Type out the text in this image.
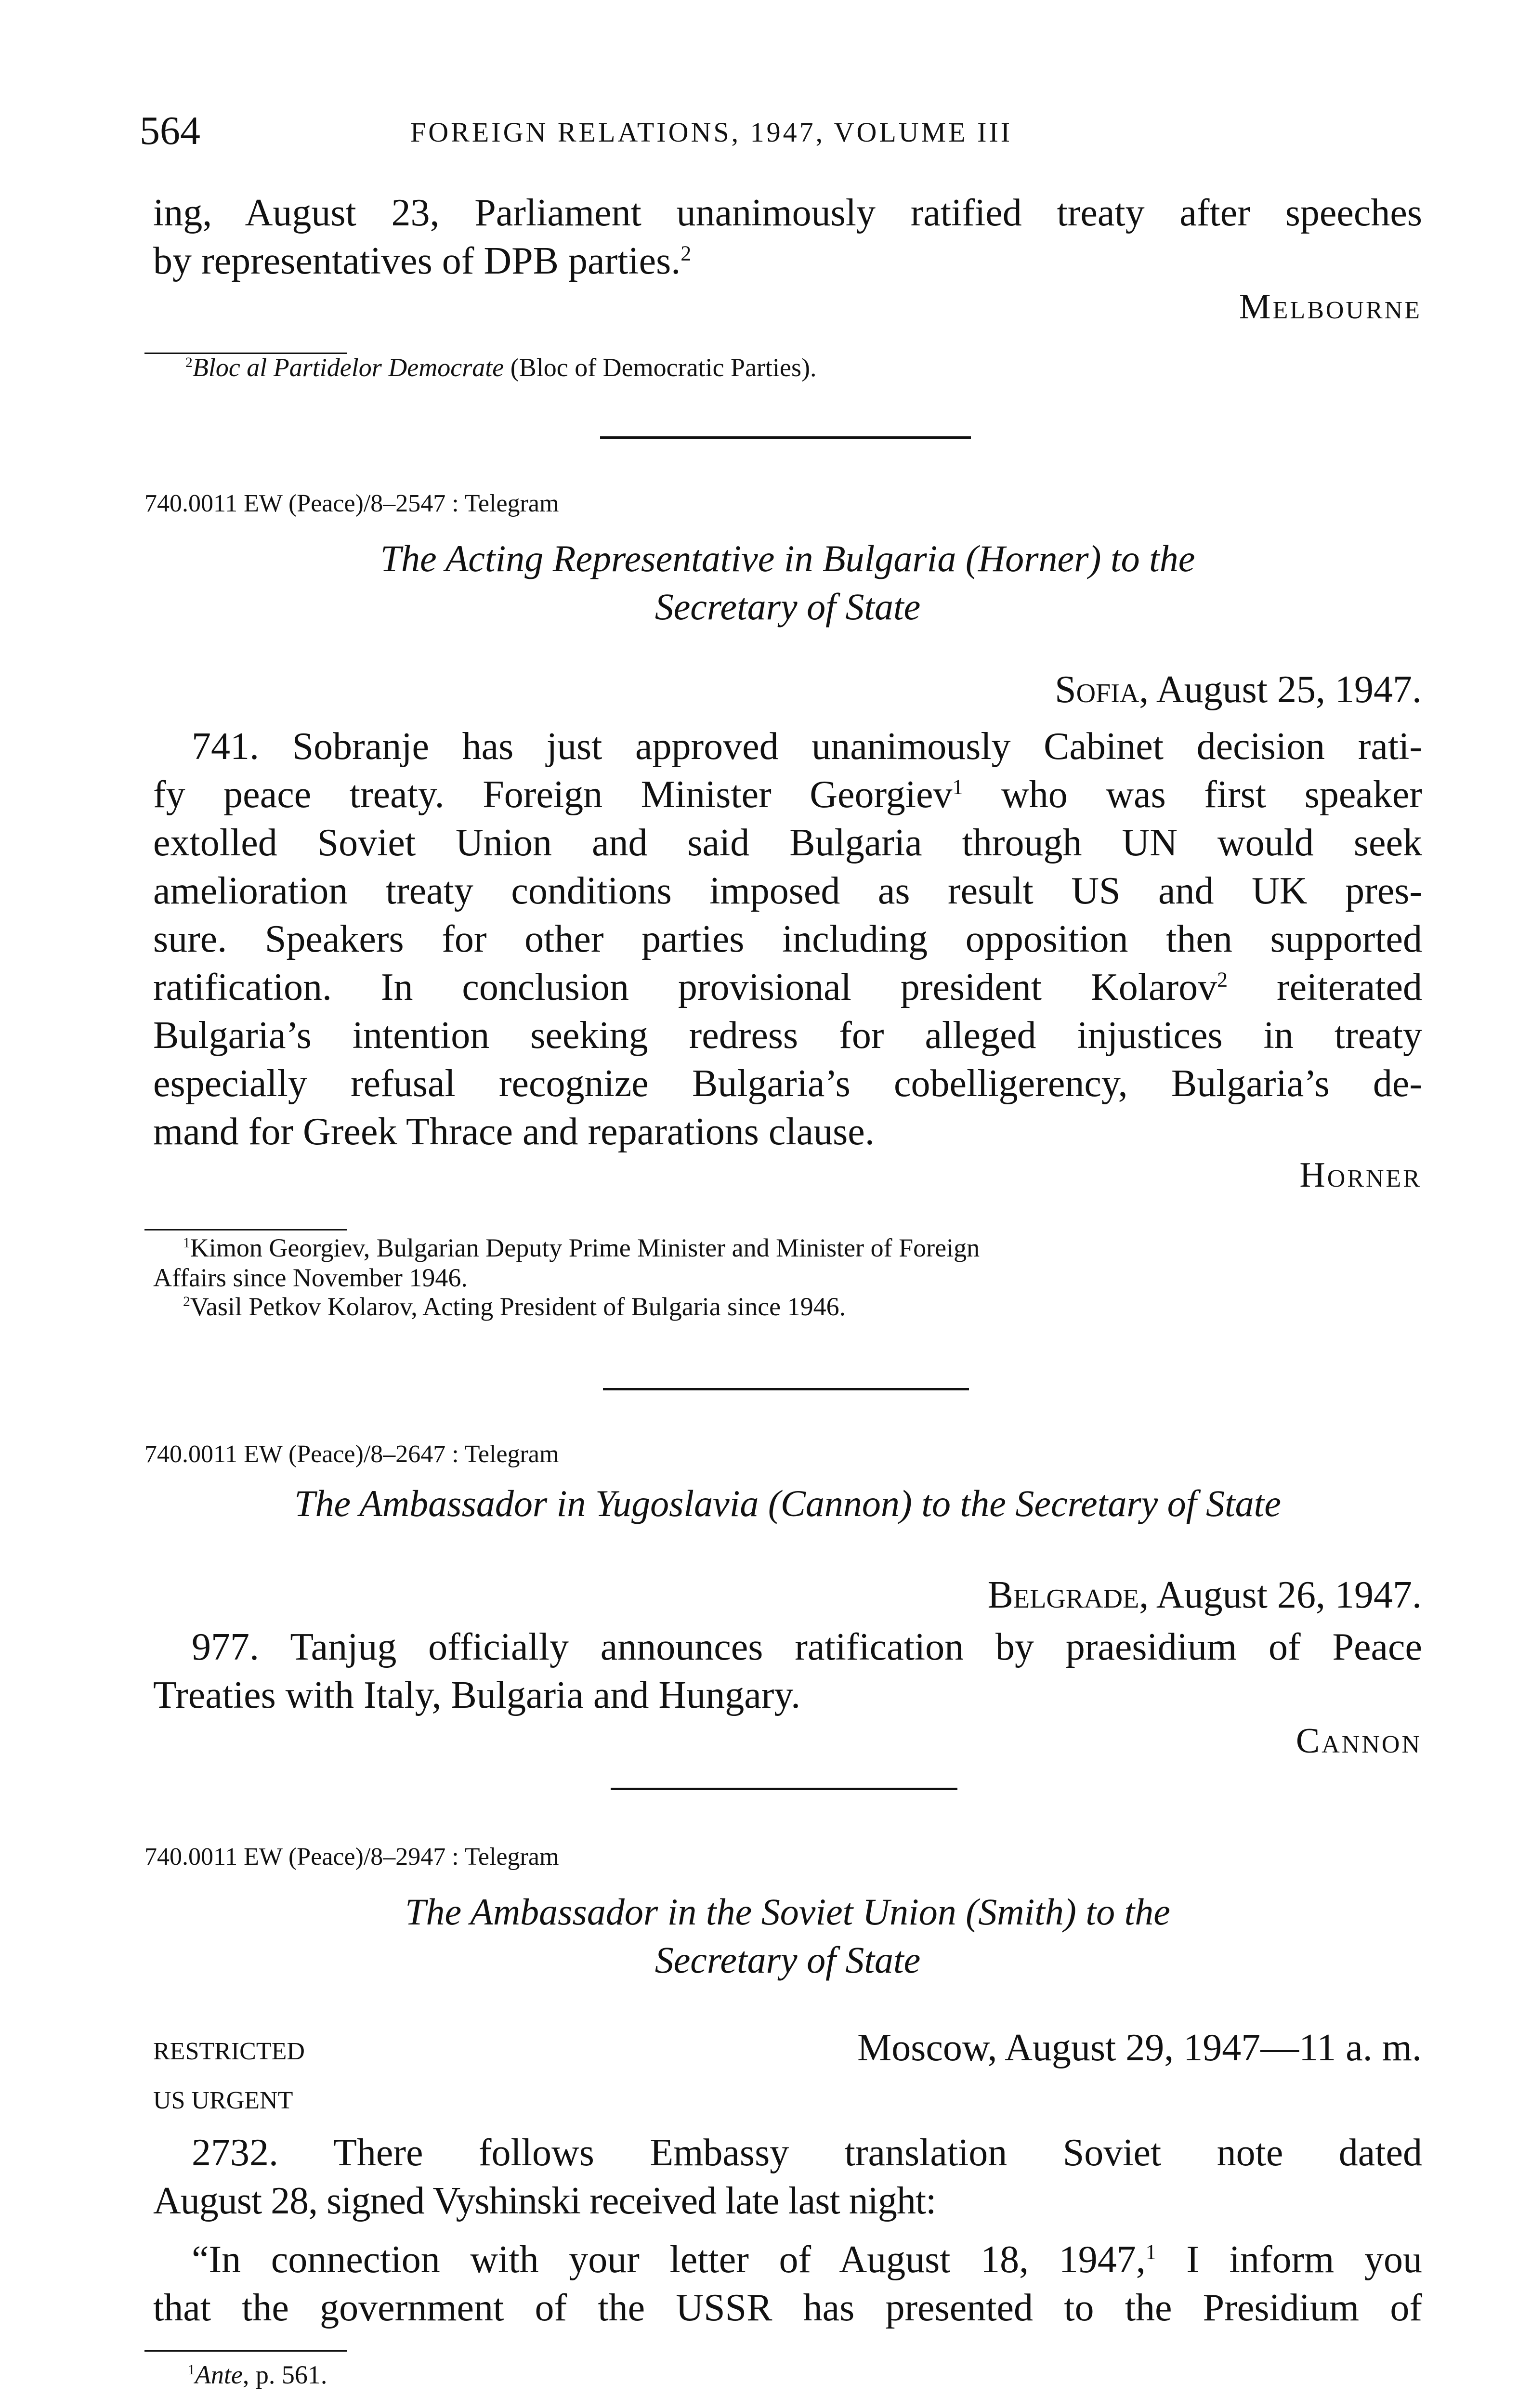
564	FOREIGN RELATIONS, 1947, VOLUME III
ing, August 23, Parliament unanimously ratified treaty after speeches
by representatives of DPB parties.$^2$
Melbourne
$^2$Bloc al Partidelor Democrate (Bloc of Democratic Parties).
740.0011 EW (Peace)/8–2547 : Telegram
The Acting Representative in Bulgaria (Horner) to the
Secretary of State
Sofia, August 25, 1947.
741. Sobranje has just approved unanimously Cabinet decision rati-
fy peace treaty. Foreign Minister Georgiev$^1$ who was first speaker
extolled Soviet Union and said Bulgaria through UN would seek
amelioration treaty conditions imposed as result US and UK pres-
sure. Speakers for other parties including opposition then supported
ratification. In conclusion provisional president Kolarov$^2$ reiterated
Bulgaria’s intention seeking redress for alleged injustices in treaty
especially refusal recognize Bulgaria’s cobelligerency, Bulgaria’s de-
mand for Greek Thrace and reparations clause.
Horner
$^1$Kimon Georgiev, Bulgarian Deputy Prime Minister and Minister of Foreign
Affairs since November 1946.
$^2$Vasil Petkov Kolarov, Acting President of Bulgaria since 1946.
740.0011 EW (Peace)/8–2647 : Telegram
The Ambassador in Yugoslavia (Cannon) to the Secretary of State
Belgrade, August 26, 1947.
977. Tanjug officially announces ratification by praesidium of Peace
Treaties with Italy, Bulgaria and Hungary.
Cannon
740.0011 EW (Peace)/8–2947 : Telegram
The Ambassador in the Soviet Union (Smith) to the
Secretary of State
RESTRICTED	Moscow, August 29, 1947—11 a. m.
US URGENT
2732. There follows Embassy translation Soviet note dated
August 28, signed Vyshinski received late last night:
“In connection with your letter of August 18, 1947,$^1$ I inform you
that the government of the USSR has presented to the Presidium of
$^1$Ante, p. 561.
